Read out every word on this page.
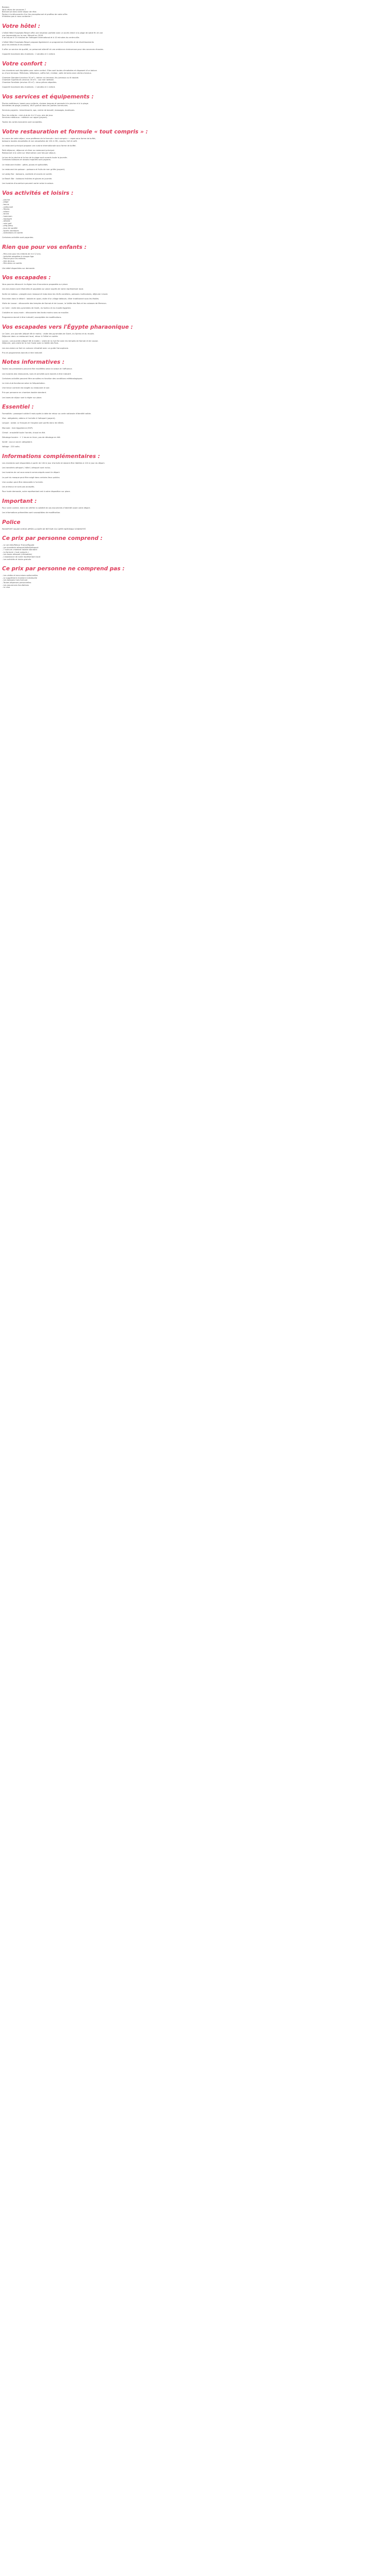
Bonjour,
Vous rêvez de vacances ?
Bienvenue dans notre séjour de rêve.
Partez à la découverte d'un lieu exceptionnel et profitez de notre offre.
N'hésitez pas à nous contacter !
Votre hôtel :
L'hôtel Hôtel Hurghada Resort offre une situation parfaite avec un accès direct à la plage de sable fin et une
vue imprenable sur la mer. Rénové en 2018.
Il se trouve à 15 minutes de l'aéroport international et à 10 minutes du centre-ville.
L'hôtel Hôtel Hurghada Resort propose également un programme d'activités et de divertissements
pour les enfants et les adultes.
Il offre un service de qualité, un personnel attentif et une ambiance chaleureuse pour des vacances réussies.
Capacité maximale des chambres : 2 adultes et 1 enfant.
Votre confort :
Les chambres sont équipées pour votre confort. Elles sont toutes climatisées et disposent d'un balcon
ou d'une terrasse. Télévision, téléphone, coffre-fort, minibar, salle de bains avec sèche-cheveux.
Chambre Standard (environ 30 m²) : balcon ou terrasse, lits jumeaux ou lit double.
Chambre Supérieure (environ 35 m²) : vue mer latérale.
Chambre Familiale (environ 45 m²) : deux pièces séparées.
Capacité maximale des chambres : 2 adultes et 1 enfant.
Vos services et équipements :
Piscine extérieure, bassin pour enfants, chaises longues et parasols à la piscine et à la plage.
Serviettes de plage (caution). Wi-Fi gratuit dans les parties communes.
Services payants : blanchisserie, spa, centre de beauté, massages, boutiques.
Pour les enfants : mini-club de 4 à 12 ans, aire de jeux.
Services médicaux : médecin sur appel (payant).
Toutes les cartes bancaires sont acceptées.
Votre restauration et formule « tout compris » :
Au cours de votre séjour, vous profiterez de la formule « tout compris » : repas sous forme de buffet,
boissons locales alcoolisées et non alcoolisées de 10h à 23h, snacks, thé et café.
Le restaurant principal propose une cuisine internationale sous forme de buffet.
Petit déjeuner, déjeuner et dîner au restaurant principal.
Restaurant à la carte sur réservation (une fois par séjour).
Le bar de la piscine et le bar de la plage sont ouverts toute la journée.
Certaines boissons et alcools importés sont payants.
Le restaurant italien : pâtes, pizzas et spécialités.
Le restaurant de poisson : poissons et fruits de mer grillés (payant).
Le Lobby Bar : boissons, cocktails et snacks en soirée.
Le Beach Bar : boissons fraîches et glaces en journée.
Les horaires d'ouverture peuvent varier selon la saison.
Vos activités et loisirs :
- piscine
- plage
- tennis
- volley-ball
- fitness
- billard
- sauna
- hammam
- aquagym
- aérobic
- mini-golf
- ping-pong
- jeux de société
- sports nautiques
- animations en soirée
Certaines activités sont payantes.
Rien que pour vos enfants :
- Mini-club pour les enfants de 4 à 12 ans.
- Activités adaptées à chaque âge.
- Piscine pour les enfants.
- Aire de jeux.
- Mini-disco en soirée.
Lits bébé disponibles sur demande.
Vos escapades :
Vous pourrez découvrir la région lors d'excursions proposées sur place.
Les excursions sont réservées et payables sur place auprès de notre représentant local.
Sortie en bateau : plongée avec masque et tuba dans les récifs coralliens, poissons multicolores, déjeuner à bord.
Excursion dans le désert : balade en quad, visite d'un village bédouin, dîner traditionnel sous les étoiles.
Visite de Louxor : découverte des temples de Karnak et de Louxor, la Vallée des Rois et les colosses de Memnon.
Le Caire : visite des pyramides de Gizeh, du Sphinx et du musée égyptien.
Croisière en sous-marin : découverte des fonds marins sans se mouiller.
Programme donné à titre indicatif, susceptible de modifications.
Vos escapades vers l'Égypte pharaonique :
Le Caire, une journée (départ tôt le matin) : visite des pyramides de Gizeh, du Sphinx et du musée.
Déjeuner dans un restaurant local, retour à l'hôtel en soirée.
Louxor, une journée (départ tôt le matin) : visite de la rive Est avec les temples de Karnak et de Louxor.
Déjeuner, puis visite de la rive Ouest avec la Vallée des Rois.
Les excursions se font en autocar climatisé avec un guide francophone.
Prix et programmes donnés à titre indicatif.
Notes informatives :
Toutes nos prestations peuvent être modifiées selon la saison et l'affluence.
Les horaires des restaurants, bars et activités sont donnés à titre indicatif.
Certaines activités peuvent être annulées en fonction des conditions météorologiques.
Le mini-club fonctionne selon la fréquentation.
Une tenue correcte est exigée au restaurant le soir.
Prix par personne en chambre double standard.
Les taxes de séjour sont à régler sur place.
Essentiel :
Formalités : passeport valide 6 mois après la date de retour ou carte nationale d'identité valide.
Visa : obligatoire, obtenu à l'arrivée à l'aéroport (payant).
Langue : arabe. Le français et l'anglais sont parlés dans les hôtels.
Monnaie : livre égyptienne (EGP).
Climat : ensoleillé toute l'année, chaud en été.
Décalage horaire : + 1 heure en hiver, pas de décalage en été.
Santé : aucun vaccin obligatoire.
Voltage : 220 volts.
Informations complémentaires :
Les chambres sont disponibles à partir de 14h le jour d'arrivée et doivent être libérées à 12h le jour du départ.
Les transferts aéroport / hôtel / aéroport sont inclus.
Les horaires de vol vous seront communiqués avant le départ.
Le port du masque peut être exigé dans certains lieux publics.
Une caution peut être demandée à l'arrivée.
Les animaux ne sont pas acceptés.
Pour toute demande, notre représentant est à votre disposition sur place.
Important :
Pour votre confort, merci de vérifier la validité de vos documents d'identité avant votre départ.
Les informations présentées sont susceptibles de modification.
Police
PASSEPORT VALIDE 6 MOIS APRÈS LA DATE DE RETOUR OU CARTE NATIONALE D'IDENTITÉ
Ce prix par personne comprend :
- Le vol Aller/Retour France/Égypte
- Les transferts aéroport/hôtel/aéroport
- 7 nuits en chambre double standard
- La formule « tout compris »
- Les taxes aéroport (révisables)
- L'assistance de notre représentant local
- Les activités et loisirs gratuits
Ce prix par personne ne comprend pas :
- Les visites et excursions optionnelles
- Le supplément chambre individuelle
- Les boissons hors formule
- Toutes dépenses personnelles
- Les assurances facultatives
- Le visa
